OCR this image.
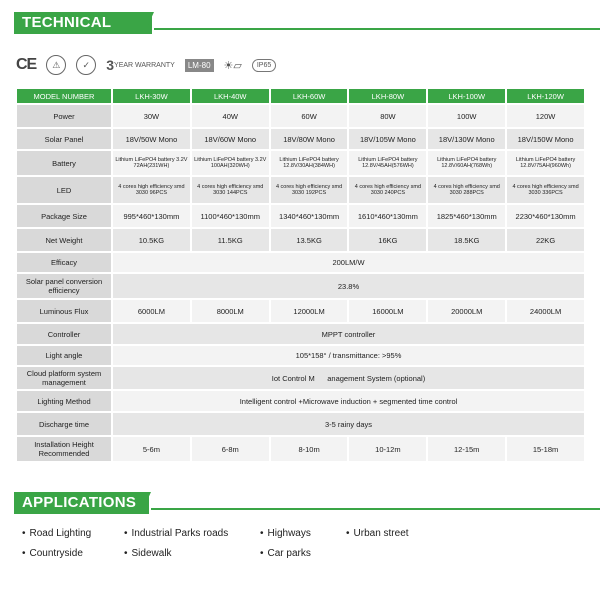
TECHNICAL DATA
CE	⚠	✓	3 YEAR WARRANTY	LM-80 ☀▱	IP65
MODEL NUMBER	LKH-30W	LKH-40W	LKH-60W	LKH-80W	LKH-100W	LKH-120W
Power	30W	40W	60W	80W	100W	120W
Solar Panel	18V/50W Mono	18V/60W Mono	18V/80W Mono	18V/105W Mono	18V/130W Mono	18V/150W Mono
Battery	Lithium LiFePO4 battery 3.2V 72AH(231WH)	Lithium LiFePO4 battery 3.2V 100AH(320WH)	Lithium LiFePO4 battery 12.8V/30AH(384WH)	Lithium LiFePO4 battery 12.8V/45AH(576WH)	Lithium LiFePO4 battery 12.8V/60AH(768Wh)	Lithium LiFePO4 battery 12.8V/75AH(960Wh)
LED	4 cores high efficiency smd 3030 96PCS	4 cores high efficiency smd 3030 144PCS	4 cores high efficiency smd 3030 192PCS	4 cores high efficiency smd 3030 240PCS	4 cores high efficiency smd 3030 288PCS	4 cores high efficiency smd 3030 336PCS
Package Size	995*460*130mm	1100*460*130mm	1340*460*130mm	1610*460*130mm	1825*460*130mm	2230*460*130mm
Net Weight	10.5KG	11.5KG	13.5KG	16KG	18.5KG	22KG
Efficacy	200LM/W					
Solar panel conversion efficiency	23.8%					
Luminous Flux	6000LM	8000LM	12000LM	16000LM	20000LM	24000LM
Controller	MPPT controller					
Light angle	105*158° / transmittance: >95%					
Cloud platform system management	Iot Control M      anagement System (optional)					
Lighting Method	Intelligent control +Microwave induction + segmented time control					
Discharge time	3-5 rainy days					
Installation Height Recommended	5-6m	6-8m	8-10m	10-12m	12-15m	15-18m
APPLICATIONS
• Road Lighting	• Industrial Parks roads	• Highways	• Urban street
• Countryside	• Sidewalk	• Car parks
